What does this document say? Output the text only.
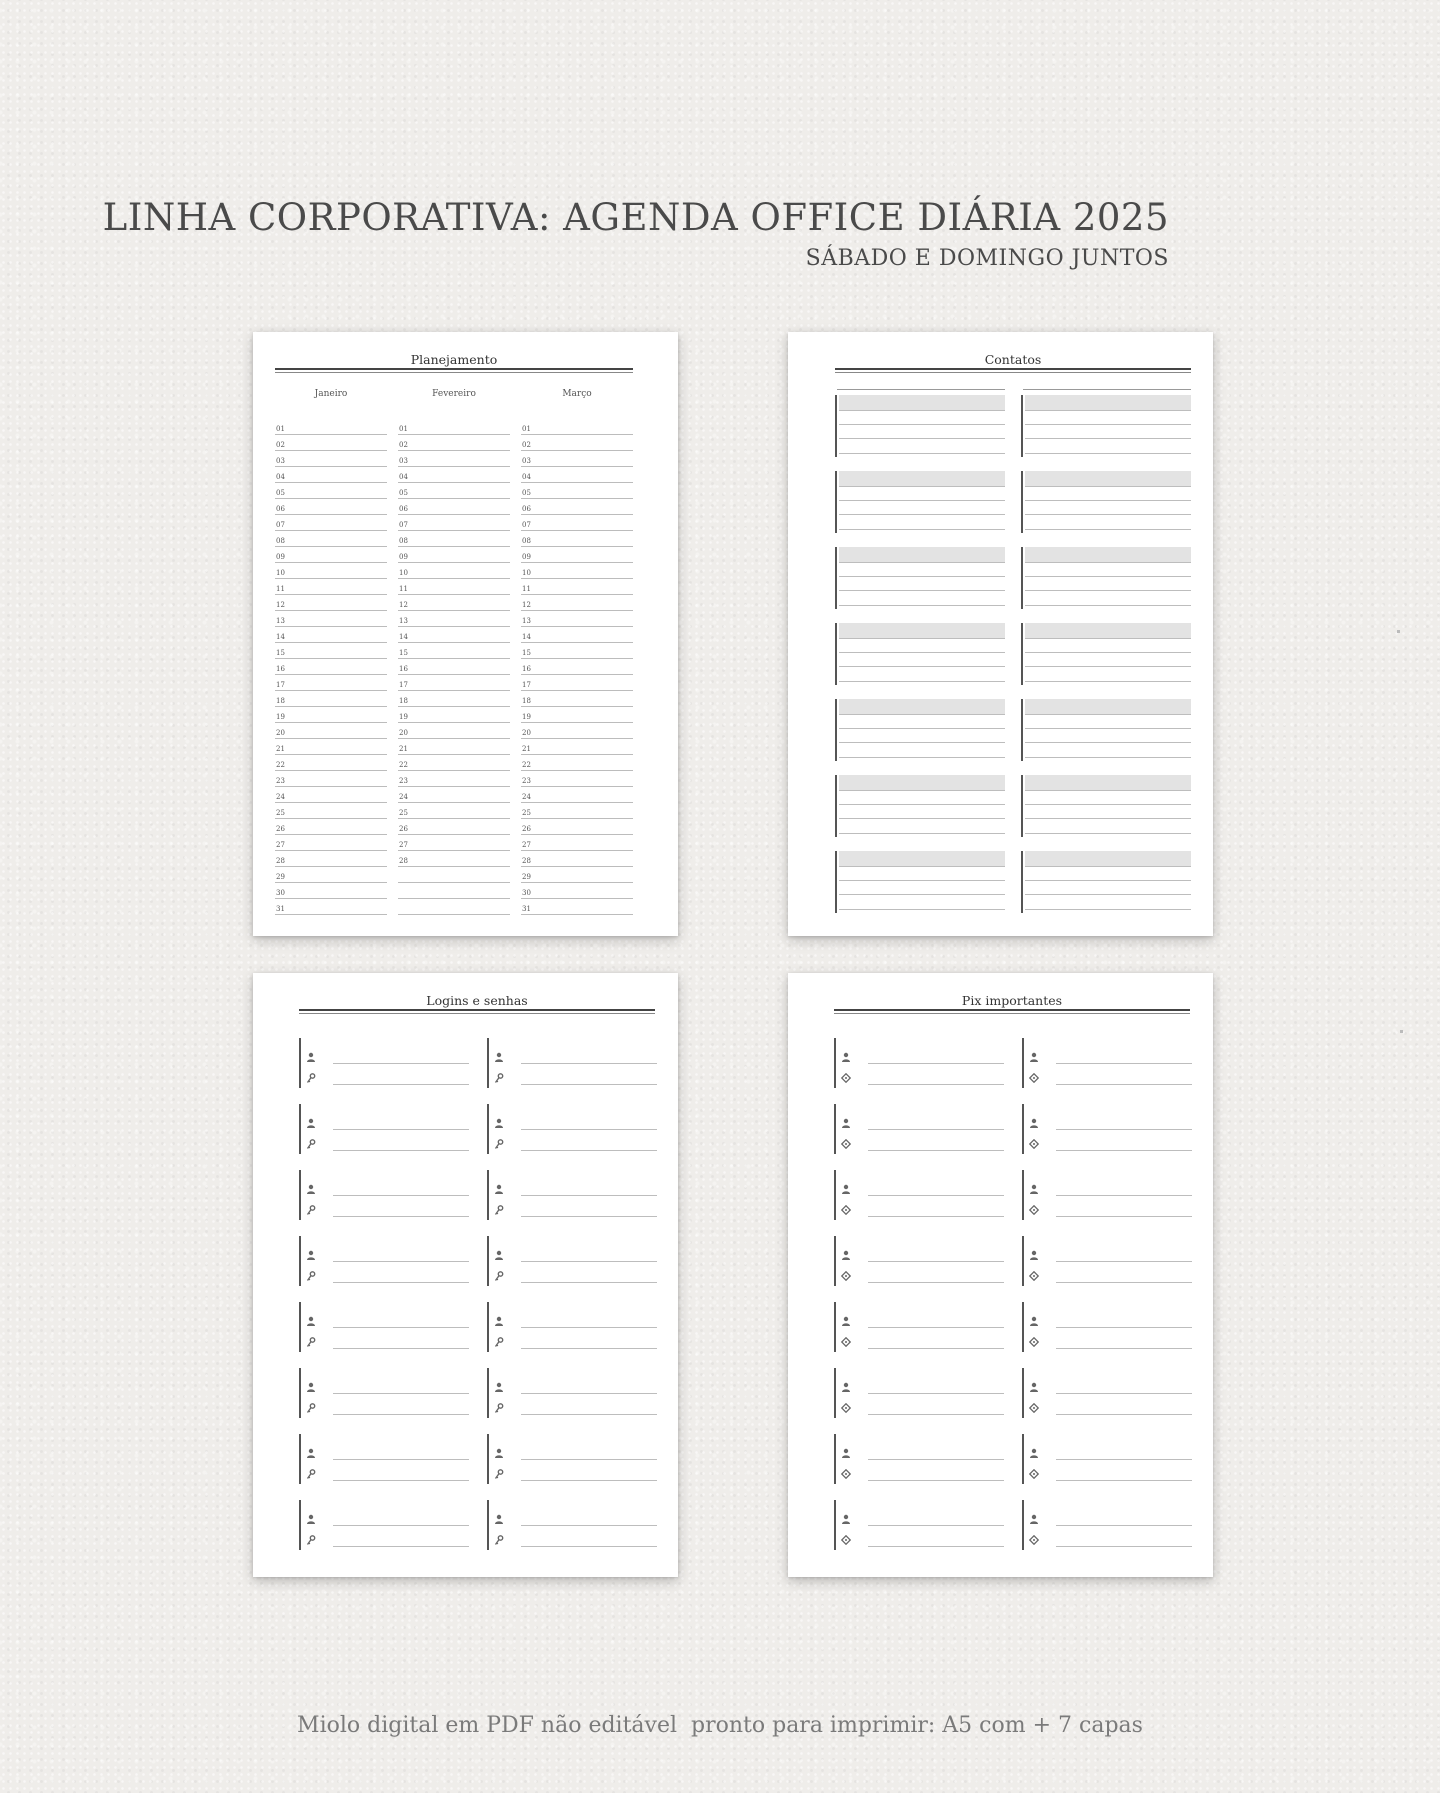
LINHA CORPORATIVA: AGENDA OFFICE DIÁRIA 2025
SÁBADO E DOMINGO JUNTOS
Planejamento
Janeiro
01
02
03
04
05
06
07
08
09
10
11
12
13
14
15
16
17
18
19
20
21
22
23
24
25
26
27
28
29
30
31
Fevereiro
01
02
03
04
05
06
07
08
09
10
11
12
13
14
15
16
17
18
19
20
21
22
23
24
25
26
27
28
Março
01
02
03
04
05
06
07
08
09
10
11
12
13
14
15
16
17
18
19
20
21
22
23
24
25
26
27
28
29
30
31
Contatos
Logins e senhas	Pix importantes
Miolo digital em PDF não editável  pronto para imprimir: A5 com + 7 capas
